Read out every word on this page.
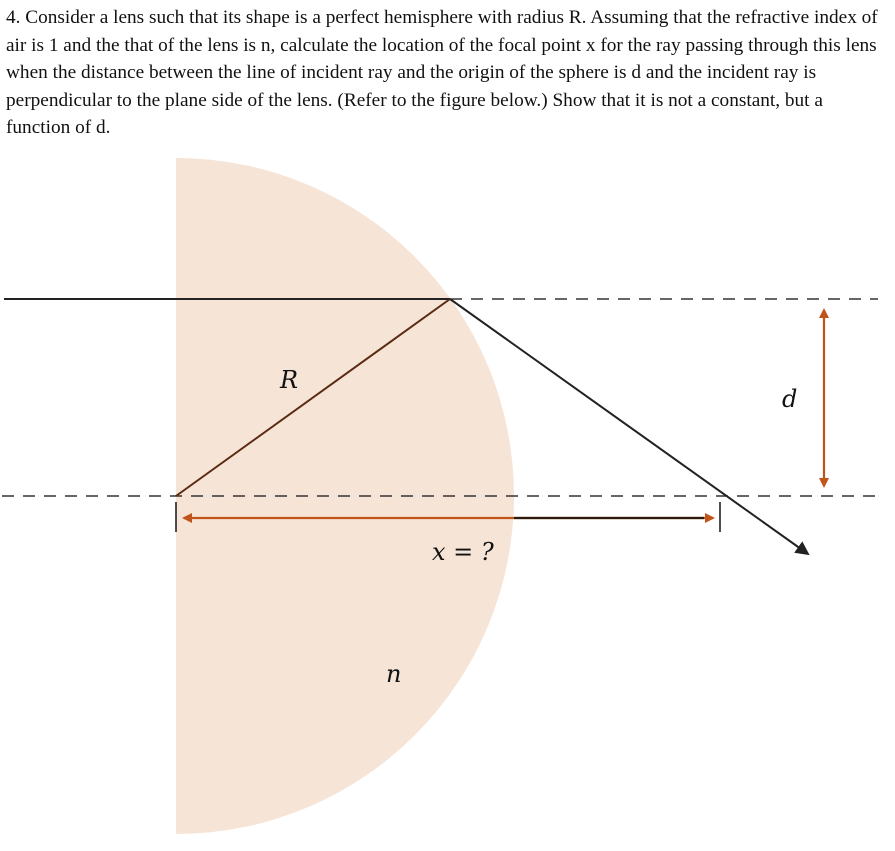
4. Consider a lens such that its shape is a perfect hemisphere with radius R. Assuming that the refractive index of air is 1 and the that of the lens is n, calculate the location of the focal point x for the ray passing through this lens when the distance between the line of incident ray and the origin of the sphere is d and the incident ray is perpendicular to the plane side of the lens. (Refer to the figure below.) Show that it is not a constant, but a function of d.

R
d
x = ?
n
